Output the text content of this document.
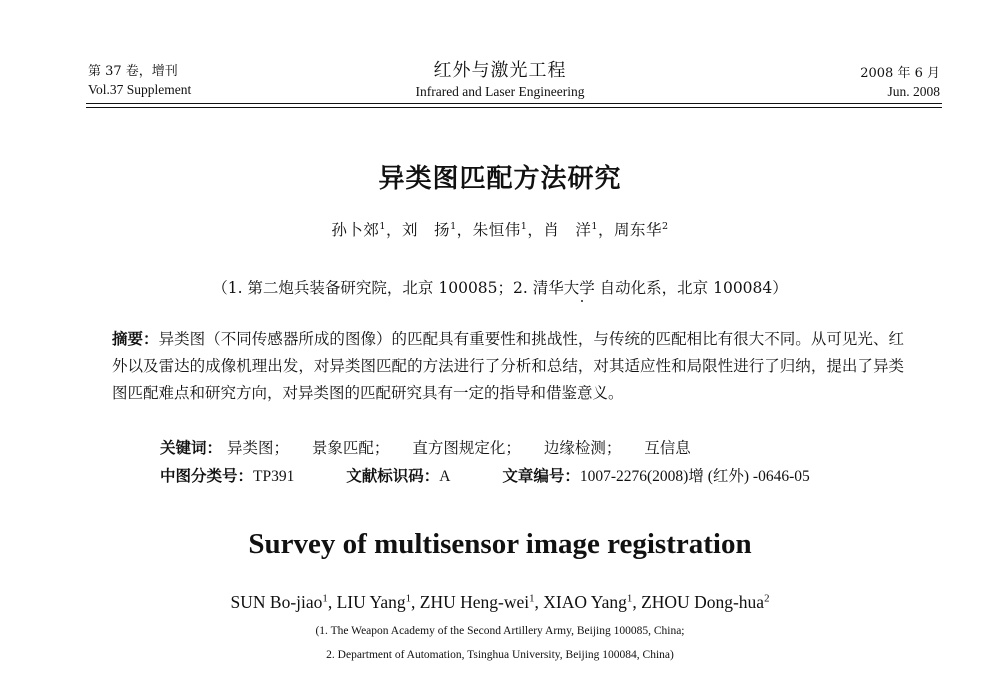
第 37 卷，增刊
Vol.37 Supplement
红外与激光工程
Infrared and Laser Engineering
2008 年 6 月
Jun. 2008
异类图匹配方法研究
孙卜郊$^1$，刘　扬$^1$，朱恒伟$^1$，肖　洋$^1$，周东华$^2$
（1. 第二炮兵装备研究院，北京 100085；2. 清华大学 自动化系，北京 100084）
摘要：异类图（不同传感器所成的图像）的匹配具有重要性和挑战性，与传统的匹配相比有很大不同。从可见光、红外以及雷达的成像机理出发，对异类图匹配的方法进行了分析和总结，对其适应性和局限性进行了归纳，提出了异类图匹配难点和研究方向，对异类图的匹配研究具有一定的指导和借鉴意义。
关键词： 异类图； 景象匹配； 直方图规定化； 边缘检测； 互信息
中图分类号：TP391	文献标识码：A	文章编号：1007-2276(2008)增 (红外) -0646-05
Survey of multisensor image registration
SUN Bo-jiao$^1$, LIU Yang$^1$, ZHU Heng-wei$^1$, XIAO Yang$^1$, ZHOU Dong-hua$^2$
(1. The Weapon Academy of the Second Artillery Army, Beijing 100085, China;
2. Department of Automation, Tsinghua University, Beijing 100084, China)
